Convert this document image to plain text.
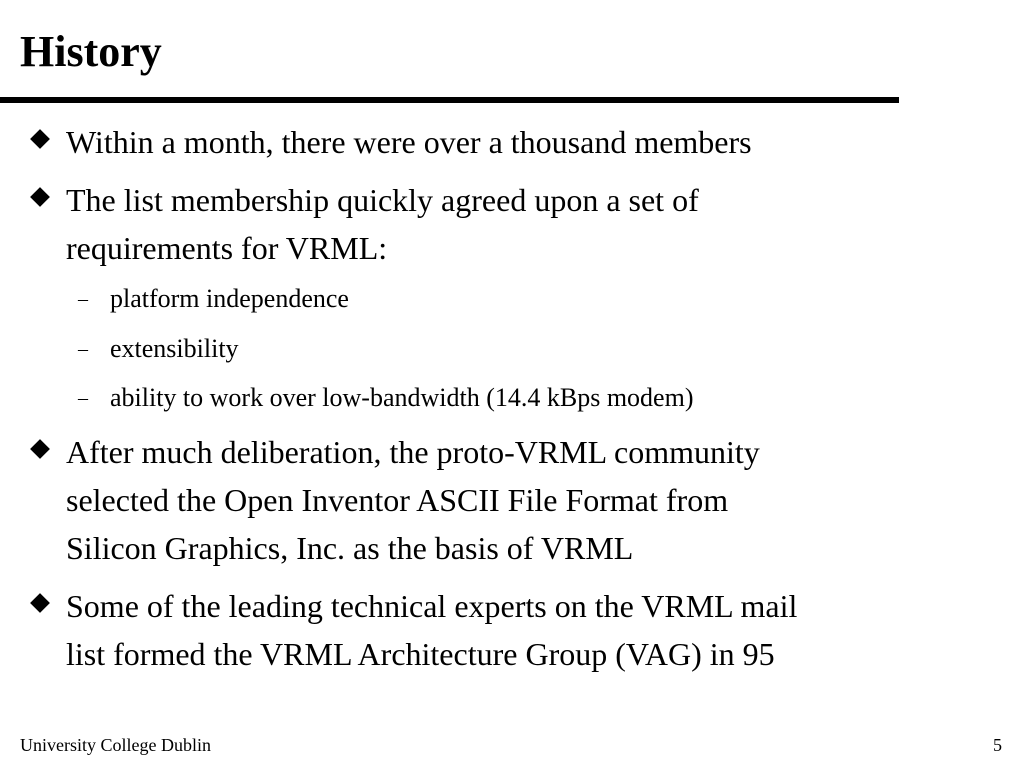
History
Within a month, there were over a thousand members
The list membership quickly agreed upon a set of
requirements for VRML:
– platform independence
– extensibility
– ability to work over low-bandwidth (14.4 kBps modem)
After much deliberation, the proto-VRML community
selected the Open Inventor ASCII File Format from
Silicon Graphics, Inc. as the basis of VRML
Some of the leading technical experts on the VRML mail
list formed the VRML Architecture Group (VAG) in 95
University College Dublin	5
